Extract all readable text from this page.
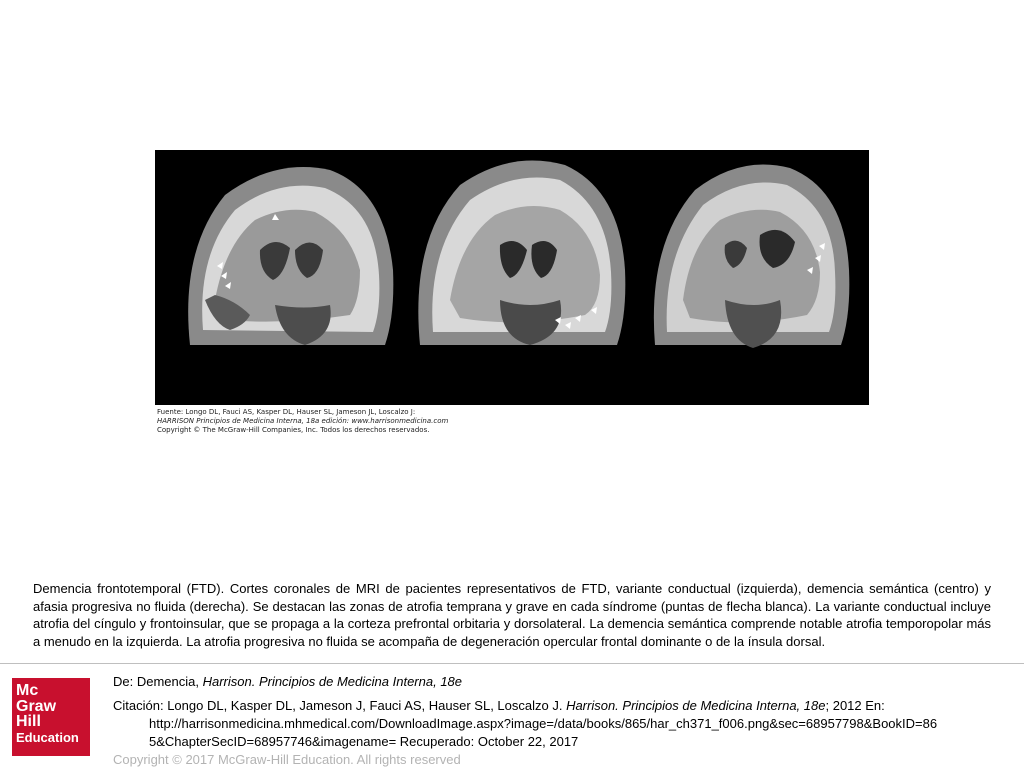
Fuente: Longo DL, Fauci AS, Kasper DL, Hauser SL, Jameson JL, Loscalzo J:
HARRISON Principios de Medicina Interna, 18a edición: www.harrisonmedicina.com
Copyright © The McGraw-Hill Companies, Inc. Todos los derechos reservados.
Demencia frontotemporal (FTD). Cortes coronales de MRI de pacientes representativos de FTD, variante conductual (izquierda), demencia semántica (centro) y afasia progresiva no fluida (derecha). Se destacan las zonas de atrofia temprana y grave en cada síndrome (puntas de flecha blanca). La variante conductual incluye atrofia del cíngulo y frontoinsular, que se propaga a la corteza prefrontal orbitaria y dorsolateral. La demencia semántica comprende notable atrofia temporopolar más a menudo en la izquierda. La atrofia progresiva no fluida se acompaña de degeneración opercular frontal dominante o de la ínsula dorsal.
Mc
Graw
Hill
Education
De: Demencia, Harrison. Principios de Medicina Interna, 18e
Citación: Longo DL, Kasper DL, Jameson J, Fauci AS, Hauser SL, Loscalzo J. Harrison. Principios de Medicina Interna, 18e; 2012 En:
http://harrisonmedicina.mhmedical.com/DownloadImage.aspx?image=/data/books/865/har_ch371_f006.png&sec=68957798&BookID=86
5&ChapterSecID=68957746&imagename= Recuperado: October 22, 2017
Copyright © 2017 McGraw-Hill Education. All rights reserved
